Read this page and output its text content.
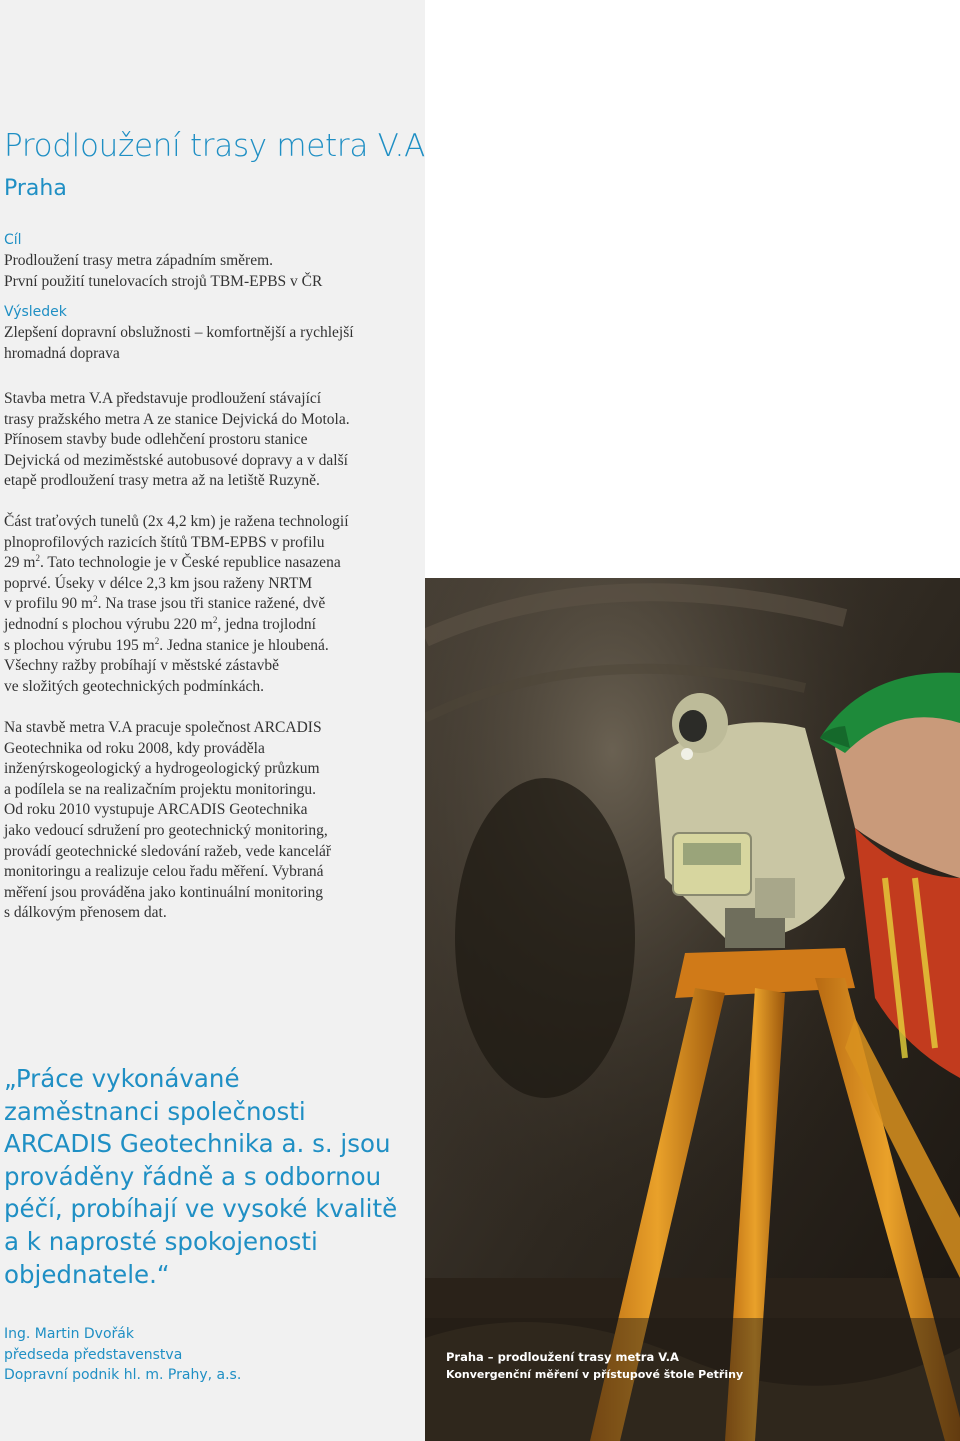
Prodloužení trasy metra V.A
Praha
Cíl

Prodloužení trasy metra západním směrem.

První použití tunelovacích strojů TBM-EPBS v ČR

Výsledek

Zlepšení dopravní obslužnosti – komfortnější a rychlejší

hromadná doprava

Stavba metra V.A představuje prodloužení stávající

trasy pražského metra A ze stanice Dejvická do Motola.

Přínosem stavby bude odlehčení prostoru stanice

Dejvická od meziměstské autobusové dopravy a v další

etapě prodloužení trasy metra až na letiště Ruzyně.

Část traťových tunelů (2x 4,2 km) je ražena technologií

plnoprofilových razicích štítů TBM-EPBS v profilu

29 $m^2$. Tato technologie je v České republice nasazena

poprvé. Úseky v délce 2,3 km jsou raženy NRTM

v profilu 90 $m^2$. Na trase jsou tři stanice ražené, dvě

jednodní s plochou výrubu 220 $m^2$, jedna trojlodní

s plochou výrubu 195 $m^2$. Jedna stanice je hloubená.

Všechny ražby probíhají v městské zástavbě

ve složitých geotechnických podmínkách.

Na stavbě metra V.A pracuje společnost ARCADIS

Geotechnika od roku 2008, kdy prováděla

inženýrskogeologický a hydrogeologický průzkum

a podílela se na realizačním projektu monitoringu.

Od roku 2010 vystupuje ARCADIS Geotechnika

jako vedoucí sdružení pro geotechnický monitoring,

provádí geotechnické sledování ražeb, vede kancelář

monitoringu a realizuje celou řadu měření. Vybraná

měření jsou prováděna jako kontinuální monitoring

s dálkovým přenosem dat.

„Práce vykonávané
zaměstnanci společnosti
ARCADIS Geotechnika a. s. jsou
prováděny řádně a s odbornou
péčí, probíhají ve vysoké kvalitě
a k naprosté spokojenosti
objednatele.“
Ing. Martin Dvořák
předseda představenstva
Dopravní podnik hl. m. Prahy, a.s.
Praha – prodloužení trasy metra V.A
Konvergenční měření v přístupové štole Petřiny
